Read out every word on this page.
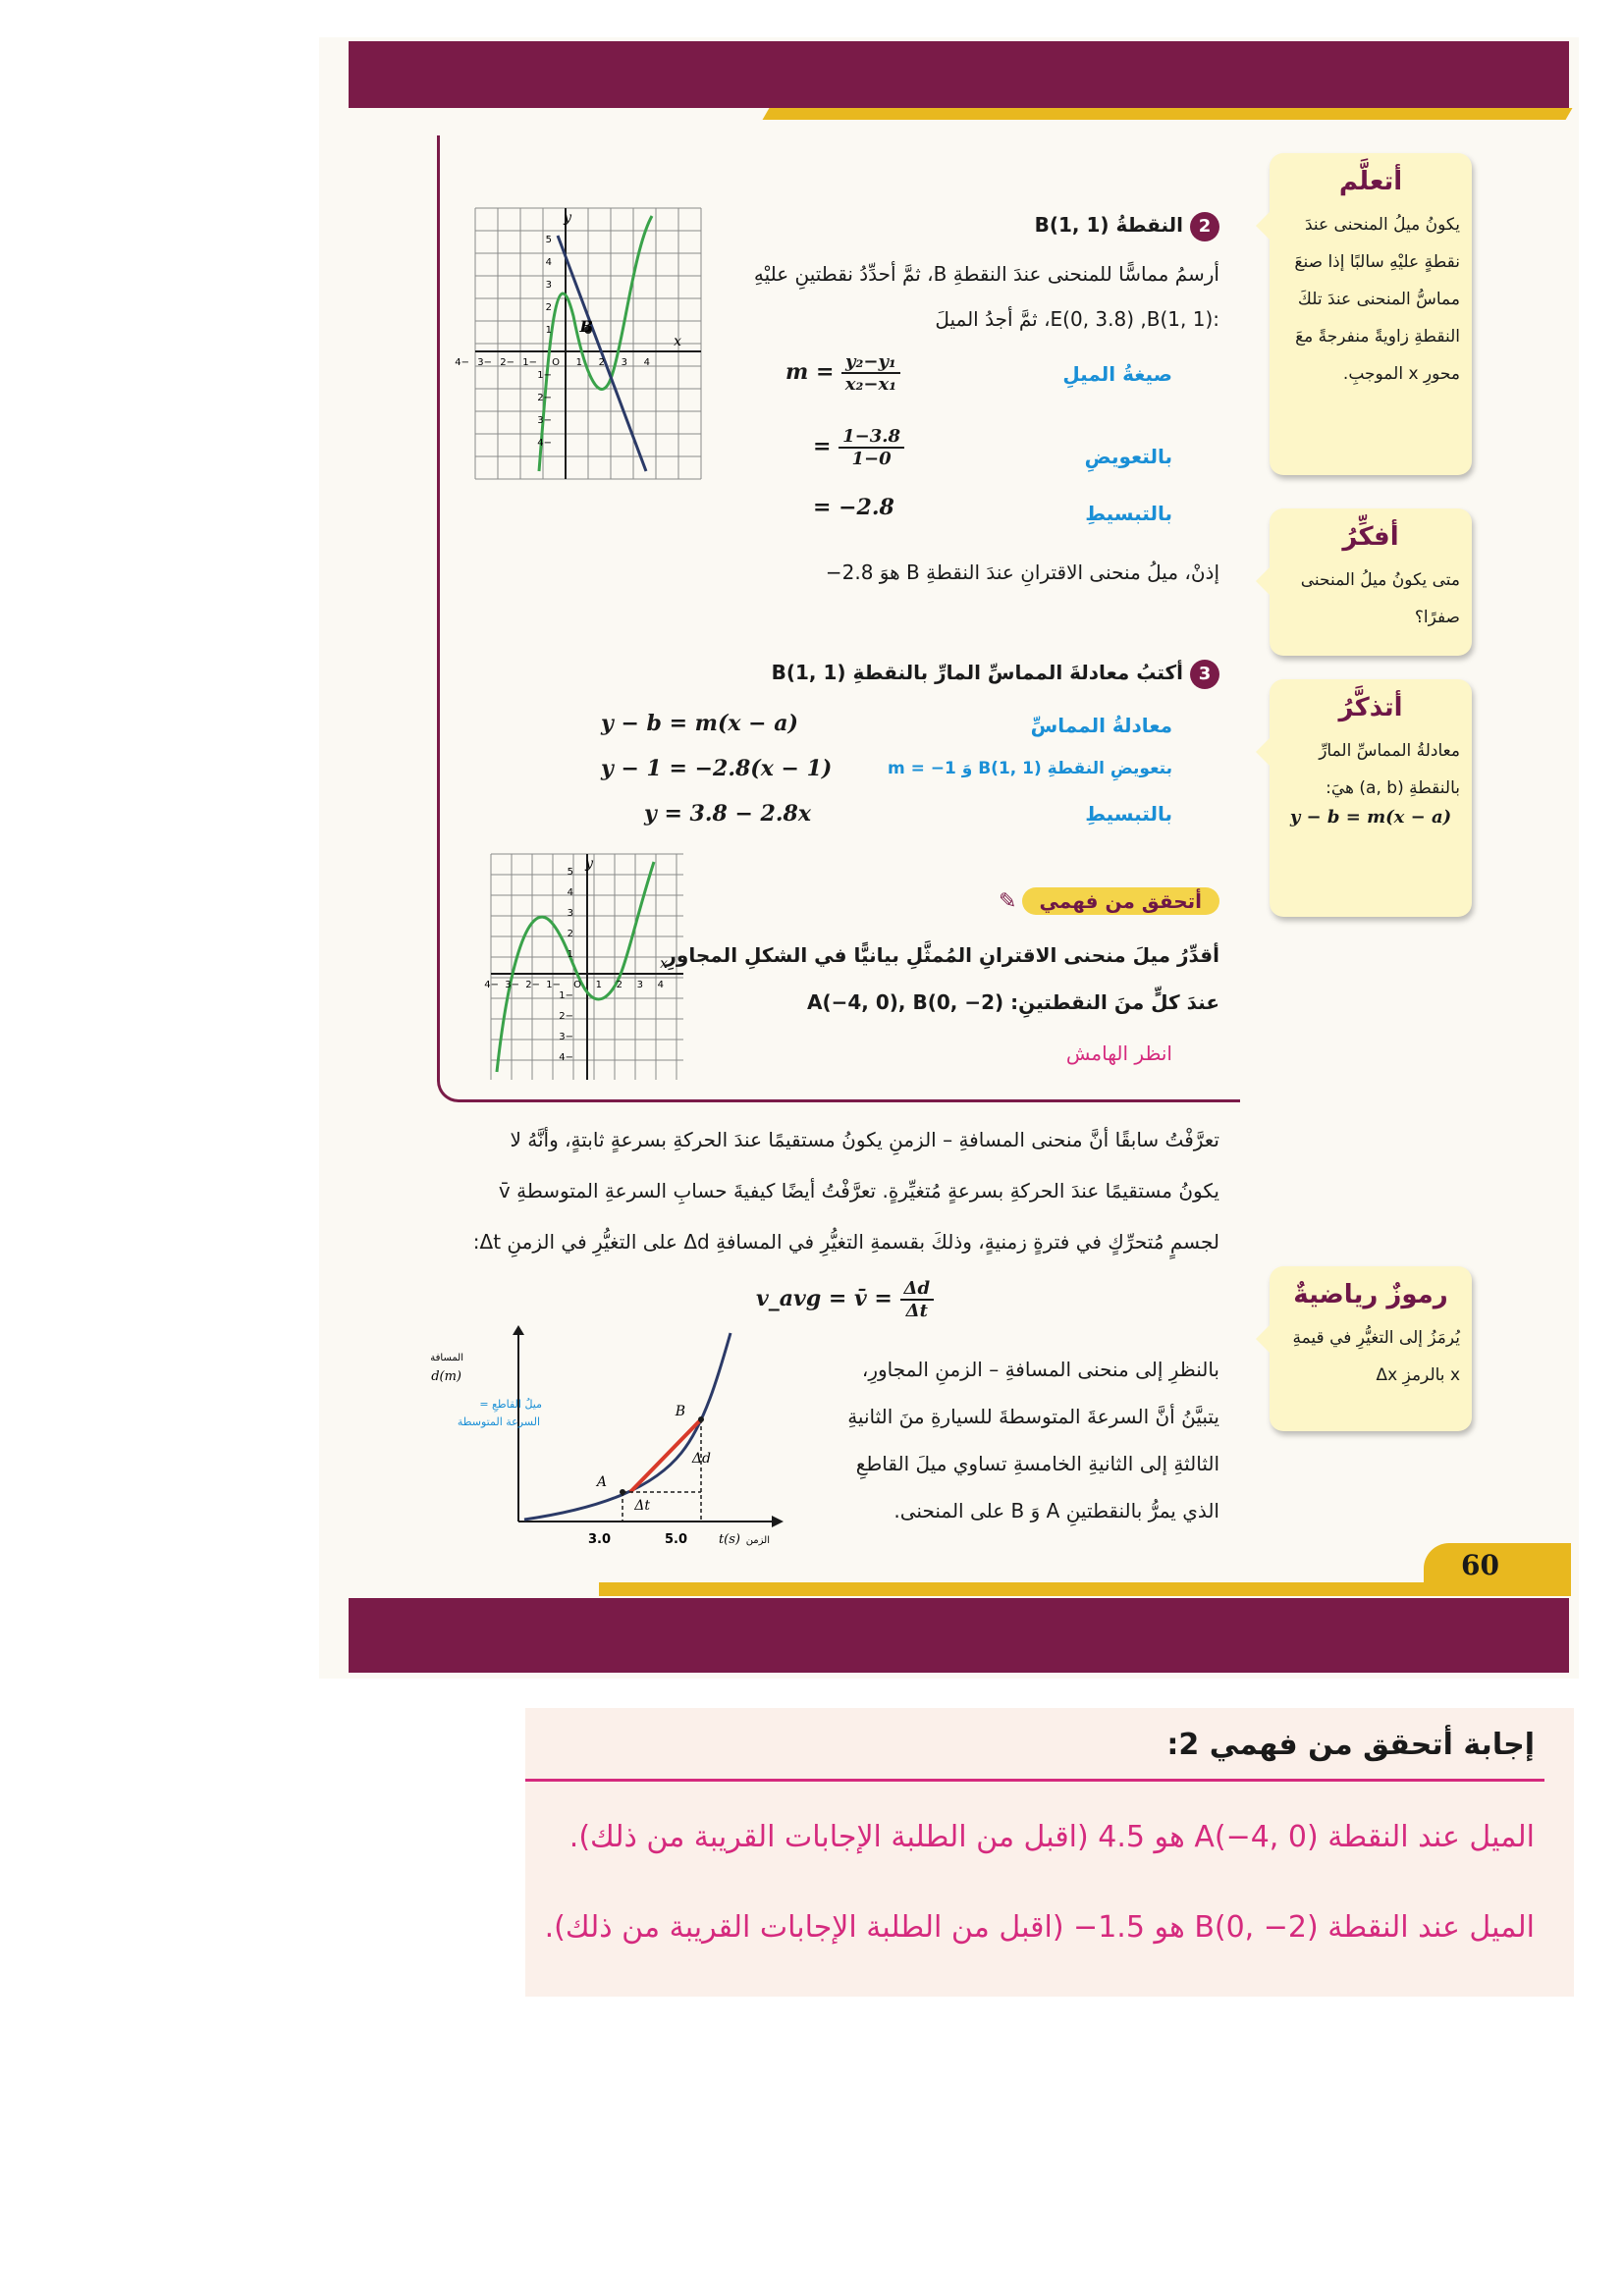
60
أتعلَّم
يكونُ ميلُ المنحنى عندَ نقطةٍ عليْهِ سالبًا إذا صنعَ مماسُّ المنحنى عندَ تلكَ النقطةِ زاويةً منفرجةً معَ محورِ x الموجبِ.
أفكِّرُ
متى يكونُ ميلُ المنحنى صفرًا؟
أتذكَّرُ
معادلةُ المماسِّ المارِّ بالنقطةِ (a, b) هيَ:
y − b = m(x − a)
رموزٌ رياضيةٌ
يُرمَزُ إلى التغيُّرِ في قيمةِ x بالرمزِ Δx
2 النقطةُ B(1, 1)
أرسمُ مماسًّا للمنحنى عندَ النقطةِ B، ثمَّ أحدِّدُ نقطتينِ عليْهِ
:E(0, 3.8) ,B(1, 1)، ثمَّ أجدُ الميلَ
صيغةُ الميلِ
$m = \frac{\text{y₂−y₁}}{\text{x₂−x₁}}$
بالتعويضِ
= $\frac{1-3.8}{1-0}$
بالتبسيطِ
= −2.8
إذنْ، ميلُ منحنى الاقترانِ عندَ النقطةِ B هوَ 2.8−
B
x
y
−4 −3 −2 −1 O 1 2 3 4
5
4
3
2
1
−1
−2
−3
−4
3 أكتبُ معادلةَ المماسِّ المارِّ بالنقطةِ B(1, 1)
معادلةُ المماسِّ
y − b = m(x − a)
بتعويضِ النقطةِ B(1, 1) وَ m = −1
y − 1 = −2.8(x − 1)
بالتبسيطِ
y = 3.8 − 2.8x
x
y
−4 −3 −2 −1 O 1 2 3 4
5
4
3
2
1
−1
−2
−3
−4
أتحقق من فهمي ✎
أقدِّرُ ميلَ منحنى الاقترانِ المُمثَّلِ بيانيًّا في الشكلِ المجاورِ
عندَ كلٍّ منَ النقطتينِ: A(−4, 0), B(0, −2)
انظر الهامش
تعرَّفْتُ سابقًا أنَّ منحنى المسافةِ – الزمنِ يكونُ مستقيمًا عندَ الحركةِ بسرعةٍ ثابتةٍ، وأنَّهُ لا
يكونُ مستقيمًا عندَ الحركةِ بسرعةٍ مُتغيِّرةٍ. تعرَّفْتُ أيضًا كيفيةَ حسابِ السرعةِ المتوسطةِ v̄
لجسمٍ مُتحرِّكٍ في فترةٍ زمنيةٍ، وذلكَ بقسمةِ التغيُّرِ في المسافةِ Δd على التغيُّرِ في الزمنِ Δt:
v_avg = v̄ = $\frac{\Delta d}{\Delta t}$
بالنظرِ إلى منحنى المسافةِ – الزمنِ المجاورِ،
يتبيَّنُ أنَّ السرعةَ المتوسطةَ للسيارةِ منَ الثانيةِ
الثالثةِ إلى الثانيةِ الخامسةِ تساوي ميلَ القاطعِ
الذي يمرُّ بالنقطتينِ A وَ B على المنحنى.
A
B
Δd
Δt
3.0	5.0 t(s) الزمن
المسافة
d(m)
ميلُ القاطعِ =
السرعة المتوسطة
إجابة أتحقق من فهمي 2:
الميل عند النقطة A(−4, 0) هو 4.5 (اقبل من الطلبة الإجابات القريبة من ذلك).
الميل عند النقطة B(0, −2) هو 1.5− (اقبل من الطلبة الإجابات القريبة من ذلك).
